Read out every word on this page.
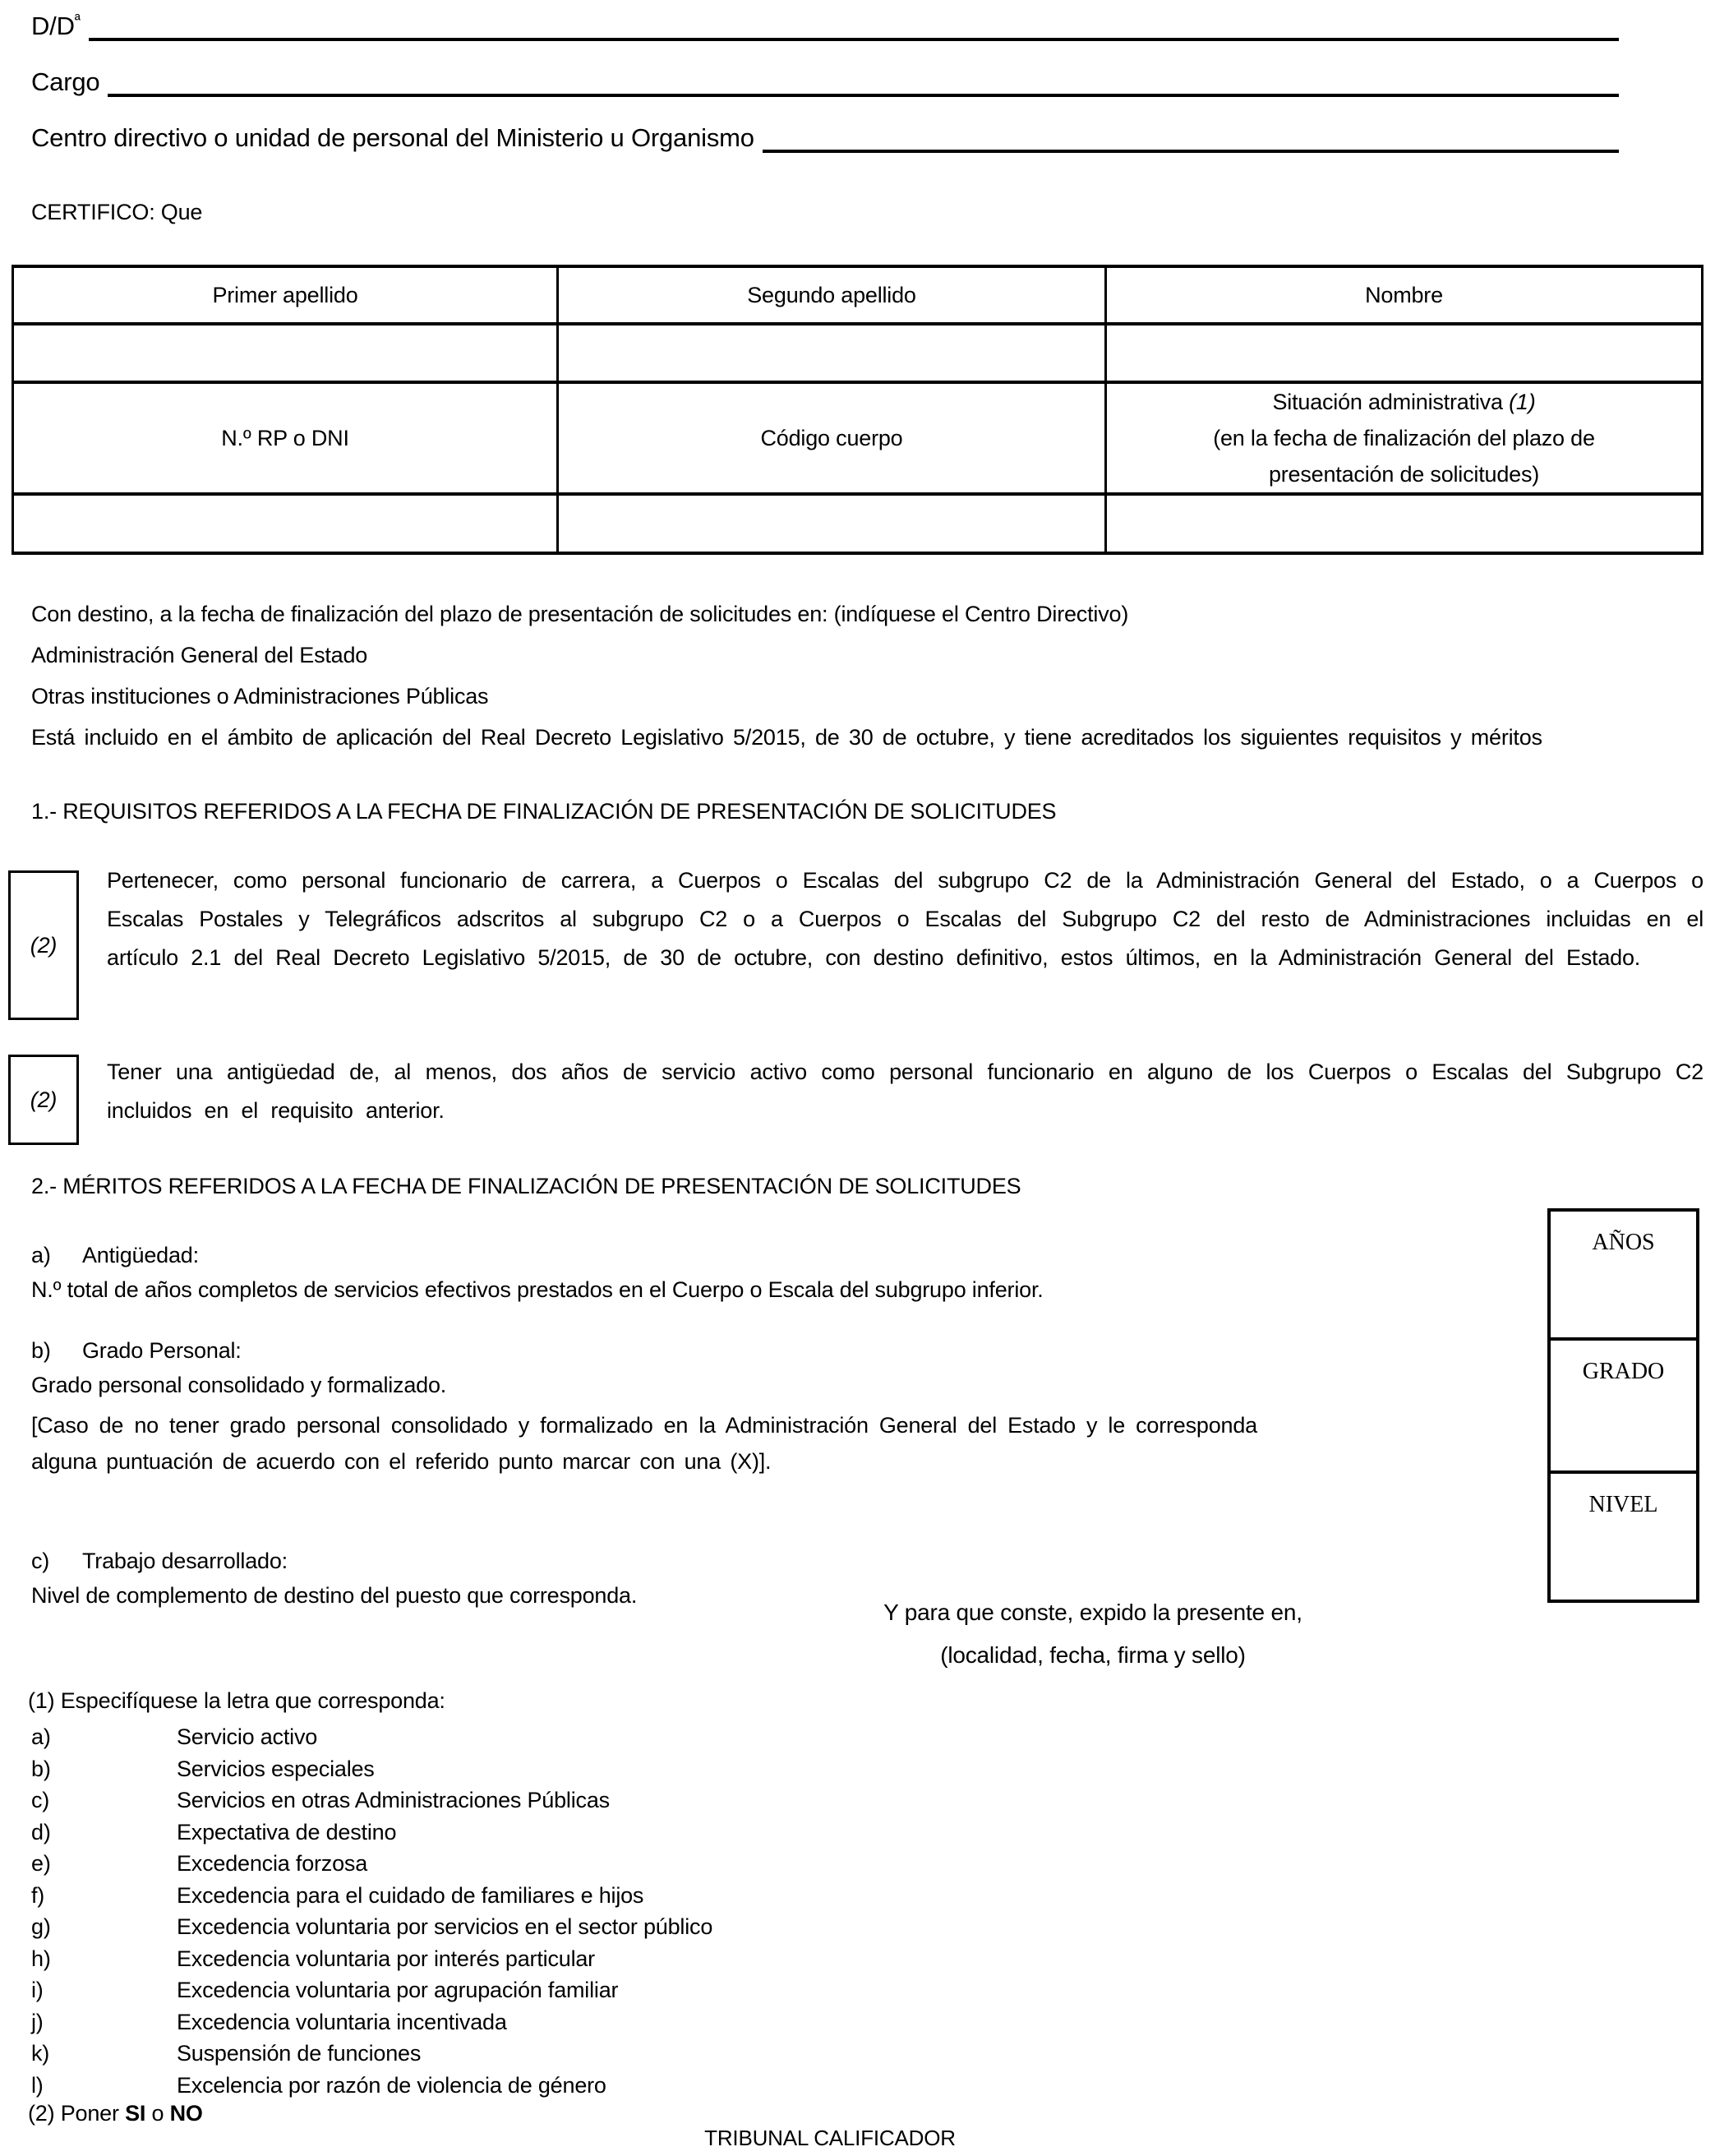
$D/D^ª$
Cargo
Centro directivo o unidad de personal del Ministerio u Organismo
CERTIFICO: Que
Primer apellido	Segundo apellido	Nombre

N.º RP o DNI	Código cuerpo	Situación administrativa (1)
(en la fecha de finalización del plazo de
presentación de solicitudes)

Con destino, a la fecha de finalización del plazo de presentación de solicitudes en: (indíquese el Centro Directivo)
Administración General del Estado
Otras instituciones o Administraciones Públicas
Está incluido en el ámbito de aplicación del Real Decreto Legislativo 5/2015, de 30 de octubre, y tiene acreditados los siguientes requisitos y méritos
1.- REQUISITOS REFERIDOS A LA FECHA DE FINALIZACIÓN DE PRESENTACIÓN DE SOLICITUDES
(2)
Pertenecer, como personal funcionario de carrera, a Cuerpos o Escalas del subgrupo C2 de la Administración General del Estado, o a Cuerpos o Escalas Postales y Telegráficos adscritos al subgrupo C2 o a Cuerpos o Escalas del Subgrupo C2 del resto de Administraciones incluidas en el artículo 2.1 del Real Decreto Legislativo 5/2015, de 30 de octubre, con destino definitivo, estos últimos, en la Administración General del Estado.
(2)
Tener una antigüedad de, al menos, dos años de servicio activo como personal funcionario en alguno de los Cuerpos o Escalas del Subgrupo C2 incluidos en el requisito anterior.
2.- MÉRITOS REFERIDOS A LA FECHA DE FINALIZACIÓN DE PRESENTACIÓN DE SOLICITUDES
a) Antigüedad:
N.º total de años completos de servicios efectivos prestados en el Cuerpo o Escala del subgrupo inferior.
b) Grado Personal:
Grado personal consolidado y formalizado.
[Caso de no tener grado personal consolidado y formalizado en la Administración General del Estado y le corresponda alguna puntuación de acuerdo con el referido punto marcar con una (X)].
c) Trabajo desarrollado:
Nivel de complemento de destino del puesto que corresponda.
AÑOS
GRADO
NIVEL
Y para que conste, expido la presente en,
(localidad, fecha, firma y sello)
(1) Especifíquese la letra que corresponda:
a)	Servicio activo
b)	Servicios especiales
c)	Servicios en otras Administraciones Públicas
d)	Expectativa de destino
e)	Excedencia forzosa
f)	Excedencia para el cuidado de familiares e hijos
g)	Excedencia voluntaria por servicios en el sector público
h)	Excedencia voluntaria por interés particular
i)	Excedencia voluntaria por agrupación familiar
j)	Excedencia voluntaria incentivada
k)	Suspensión de funciones
l)	Excelencia por razón de violencia de género
(2) Poner SI o NO
TRIBUNAL CALIFICADOR
